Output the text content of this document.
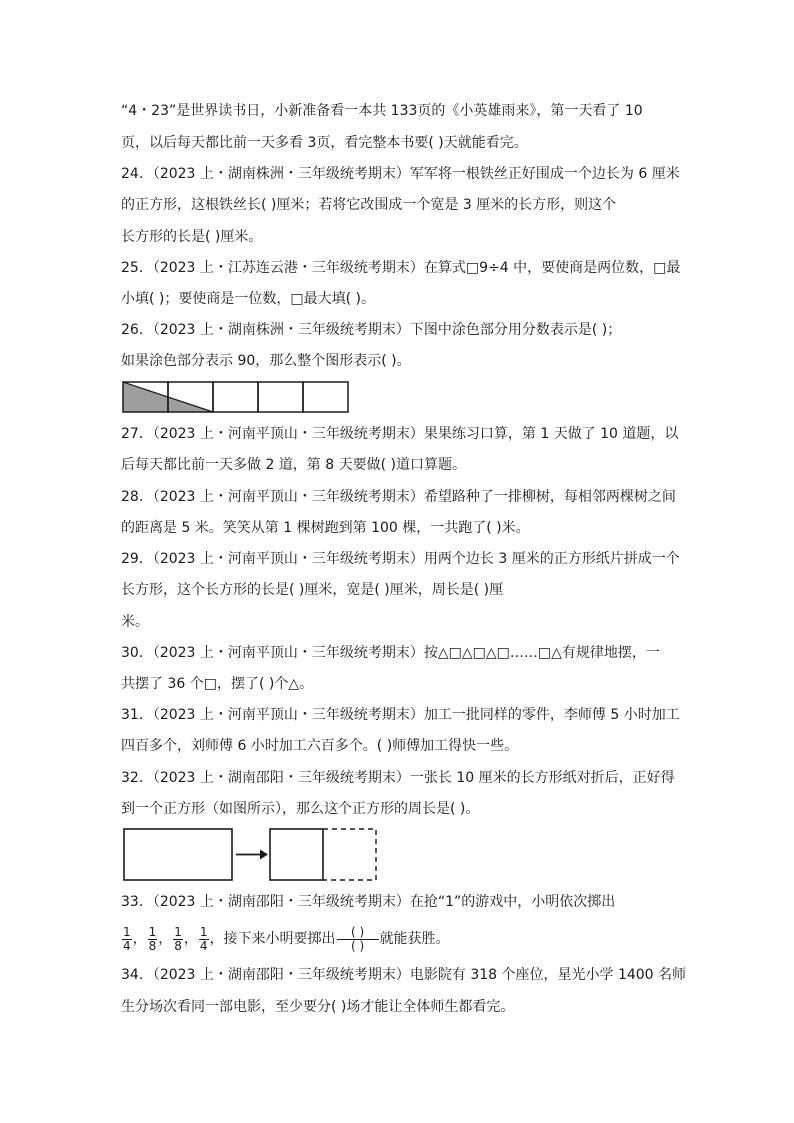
“4・23”是世界读书日，小新准备看一本共 133页的《小英雄雨来》，第一天看了 10
页，以后每天都比前一天多看 3页，看完整本书要( )天就能看完。
24．（2023 上・湖南株洲・三年级统考期末）军军将一根铁丝正好围成一个边长为 6 厘米
的正方形，这根铁丝长( )厘米；若将它改围成一个宽是 3 厘米的长方形，则这个
长方形的长是( )厘米。
25．（2023 上・江苏连云港・三年级统考期末）在算式□9÷4 中，要使商是两位数，□最
小填( )；要使商是一位数，□最大填( )。
26．（2023 上・湖南株洲・三年级统考期末）下图中涂色部分用分数表示是( )；
如果涂色部分表示 90，那么整个图形表示( )。
27．（2023 上・河南平顶山・三年级统考期末）果果练习口算，第 1 天做了 10 道题，以
后每天都比前一天多做 2 道，第 8 天要做( )道口算题。
28．（2023 上・河南平顶山・三年级统考期末）希望路种了一排柳树，每相邻两棵树之间
的距离是 5 米。笑笑从第 1 棵树跑到第 100 棵，一共跑了( )米。
29．（2023 上・河南平顶山・三年级统考期末）用两个边长 3 厘米的正方形纸片拼成一个
长方形，这个长方形的长是( )厘米，宽是( )厘米，周长是( )厘
米。
30．（2023 上・河南平顶山・三年级统考期末）按△□△□△□……□△有规律地摆，一
共摆了 36 个□，摆了( )个△。
31．（2023 上・河南平顶山・三年级统考期末）加工一批同样的零件，李师傅 5 小时加工
四百多个，刘师傅 6 小时加工六百多个。( )师傅加工得快一些。
32．（2023 上・湖南邵阳・三年级统考期末）一张长 10 厘米的长方形纸对折后，正好得
到一个正方形（如图所示），那么这个正方形的周长是( )。
33．（2023 上・湖南邵阳・三年级统考期末）在抢“1”的游戏中，小明依次掷出
$\frac{1}{4}$ ， $\frac{1}{8}$ ， $\frac{1}{8}$ ， $\frac{1}{4}$ ，接下来小明要掷出 $\frac{( )}{( )}$ 就能获胜。
34．（2023 上・湖南邵阳・三年级统考期末）电影院有 318 个座位，星光小学 1400 名师
生分场次看同一部电影，至少要分( )场才能让全体师生都看完。
